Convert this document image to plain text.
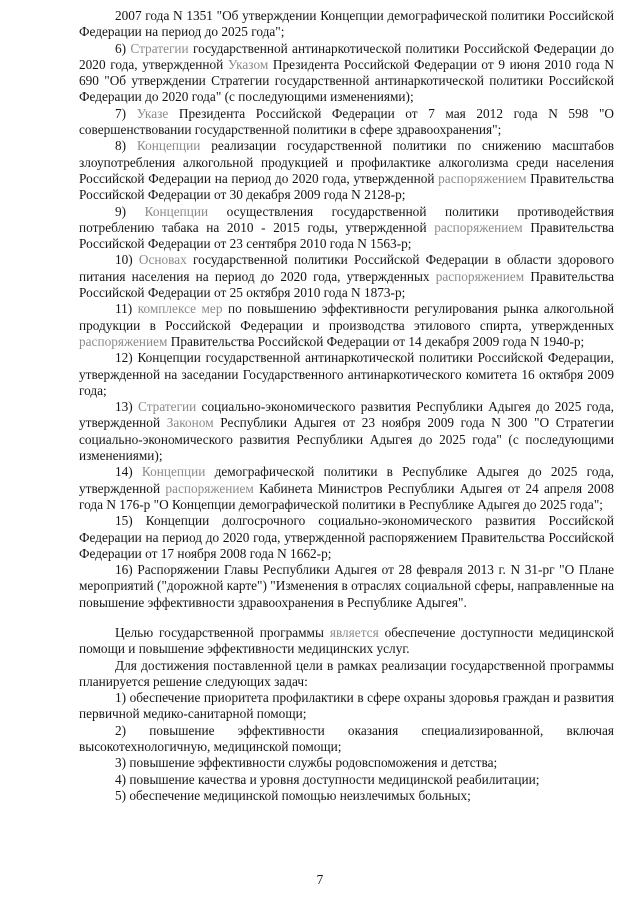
2007 года N 1351 "Об утверждении Концепции демографической политики Российской Федерации на период до 2025 года";

6) Стратегии государственной антинаркотической политики Российской Федерации до 2020 года, утвержденной Указом Президента Российской Федерации от 9 июня 2010 года N 690 "Об утверждении Стратегии государственной антинаркотической политики Российской Федерации до 2020 года" (с последующими изменениями);

7) Указе Президента Российской Федерации от 7 мая 2012 года N 598 "О совершенствовании государственной политики в сфере здравоохранения";

8) Концепции реализации государственной политики по снижению масштабов злоупотребления алкогольной продукцией и профилактике алкоголизма среди населения Российской Федерации на период до 2020 года, утвержденной распоряжением Правительства Российской Федерации от 30 декабря 2009 года N 2128-р;

9) Концепции осуществления государственной политики противодействия потреблению табака на 2010 - 2015 годы, утвержденной распоряжением Правительства Российской Федерации от 23 сентября 2010 года N 1563-р;

10) Основах государственной политики Российской Федерации в области здорового питания населения на период до 2020 года, утвержденных распоряжением Правительства Российской Федерации от 25 октября 2010 года N 1873-р;

11) комплексе мер по повышению эффективности регулирования рынка алкогольной продукции в Российской Федерации и производства этилового спирта, утвержденных распоряжением Правительства Российской Федерации от 14 декабря 2009 года N 1940-р;

12) Концепции государственной антинаркотической политики Российской Федерации, утвержденной на заседании Государственного антинаркотического комитета 16 октября 2009 года;

13) Стратегии социально-экономического развития Республики Адыгея до 2025 года, утвержденной Законом Республики Адыгея от 23 ноября 2009 года N 300 "О Стратегии социально-экономического развития Республики Адыгея до 2025 года" (с последующими изменениями);

14) Концепции демографической политики в Республике Адыгея до 2025 года, утвержденной распоряжением Кабинета Министров Республики Адыгея от 24 апреля 2008 года N 176-р "О Концепции демографической политики в Республике Адыгея до 2025 года";

15) Концепции долгосрочного социально-экономического развития Российской Федерации на период до 2020 года, утвержденной распоряжением Правительства Российской Федерации от 17 ноября 2008 года N 1662-р;

16) Распоряжении Главы Республики Адыгея от 28 февраля 2013 г. N 31-рг "О Плане мероприятий ("дорожной карте") "Изменения в отраслях социальной сферы, направленные на повышение эффективности здравоохранения в Республике Адыгея".

Целью государственной программы является обеспечение доступности медицинской помощи и повышение эффективности медицинских услуг.

Для достижения поставленной цели в рамках реализации государственной программы планируется решение следующих задач:

1) обеспечение приоритета профилактики в сфере охраны здоровья граждан и развития первичной медико-санитарной помощи;

2) повышение эффективности оказания специализированной, включая высокотехнологичную, медицинской помощи;

3) повышение эффективности службы родовспоможения и детства;

4) повышение качества и уровня доступности медицинской реабилитации;

5) обеспечение медицинской помощью неизлечимых больных;

7
